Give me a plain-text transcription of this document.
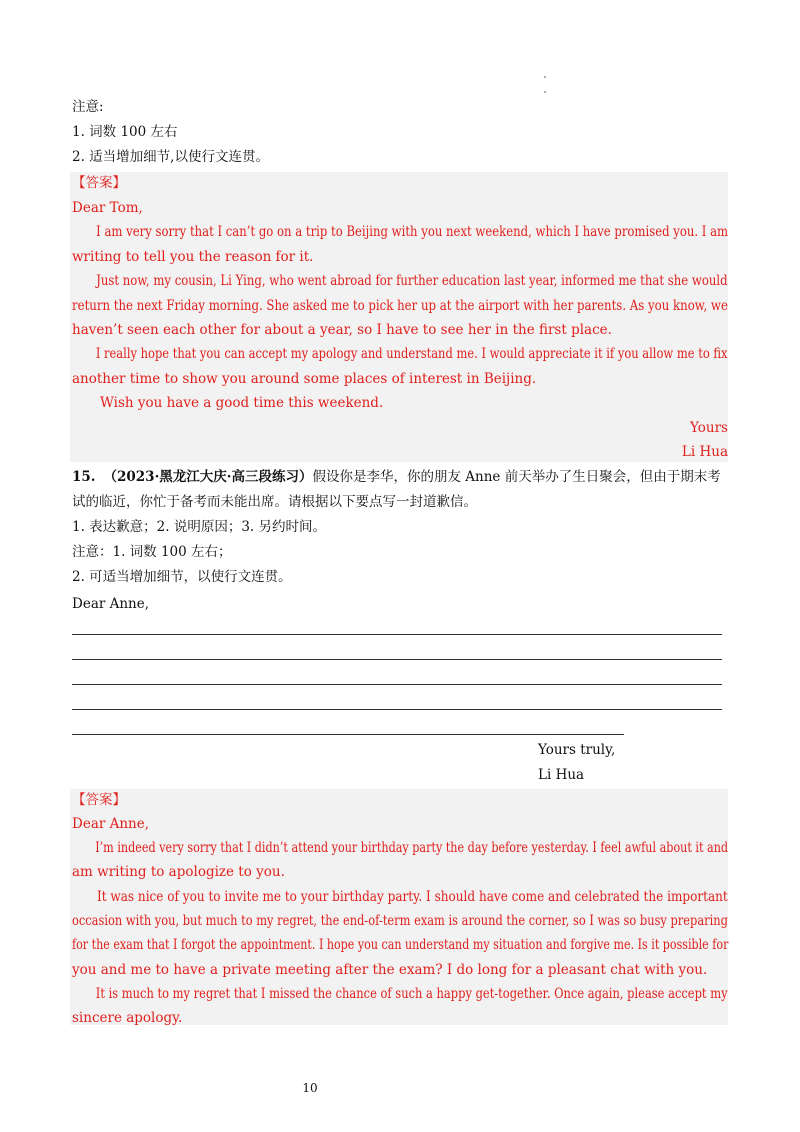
注意:
1. 词数 100 左右
2. 适当增加细节,以使行文连贯。
【答案】
Dear Tom,
I am very sorry that I can’t go on a trip to Beijing with you next weekend, which I have promised you. I am
writing to tell you the reason for it.
Just now, my cousin, Li Ying, who went abroad for further education last year, informed me that she would
return the next Friday morning. She asked me to pick her up at the airport with her parents. As you know, we
haven’t seen each other for about a year, so I have to see her in the first place.
I really hope that you can accept my apology and understand me. I would appreciate it if you allow me to fix
another time to show you around some places of interest in Beijing.
Wish you have a good time this weekend.
Yours
Li Hua
15. （2023·黑龙江大庆·高三段练习）假设你是李华，你的朋友 Anne 前天举办了生日聚会，但由于期末考
试的临近，你忙于备考而未能出席。请根据以下要点写一封道歉信。
1. 表达歉意；2. 说明原因；3. 另约时间。
注意：1. 词数 100 左右；
2. 可适当增加细节，以使行文连贯。
Dear Anne,
Yours truly,
Li Hua
【答案】
Dear Anne,
I’m indeed very sorry that I didn’t attend your birthday party the day before yesterday. I feel awful about it and
am writing to apologize to you.
It was nice of you to invite me to your birthday party. I should have come and celebrated the important
occasion with you, but much to my regret, the end-of-term exam is around the corner, so I was so busy preparing
for the exam that I forgot the appointment. I hope you can understand my situation and forgive me. Is it possible for
you and me to have a private meeting after the exam? I do long for a pleasant chat with you.
It is much to my regret that I missed the chance of such a happy get-together. Once again, please accept my
sincere apology.
10
